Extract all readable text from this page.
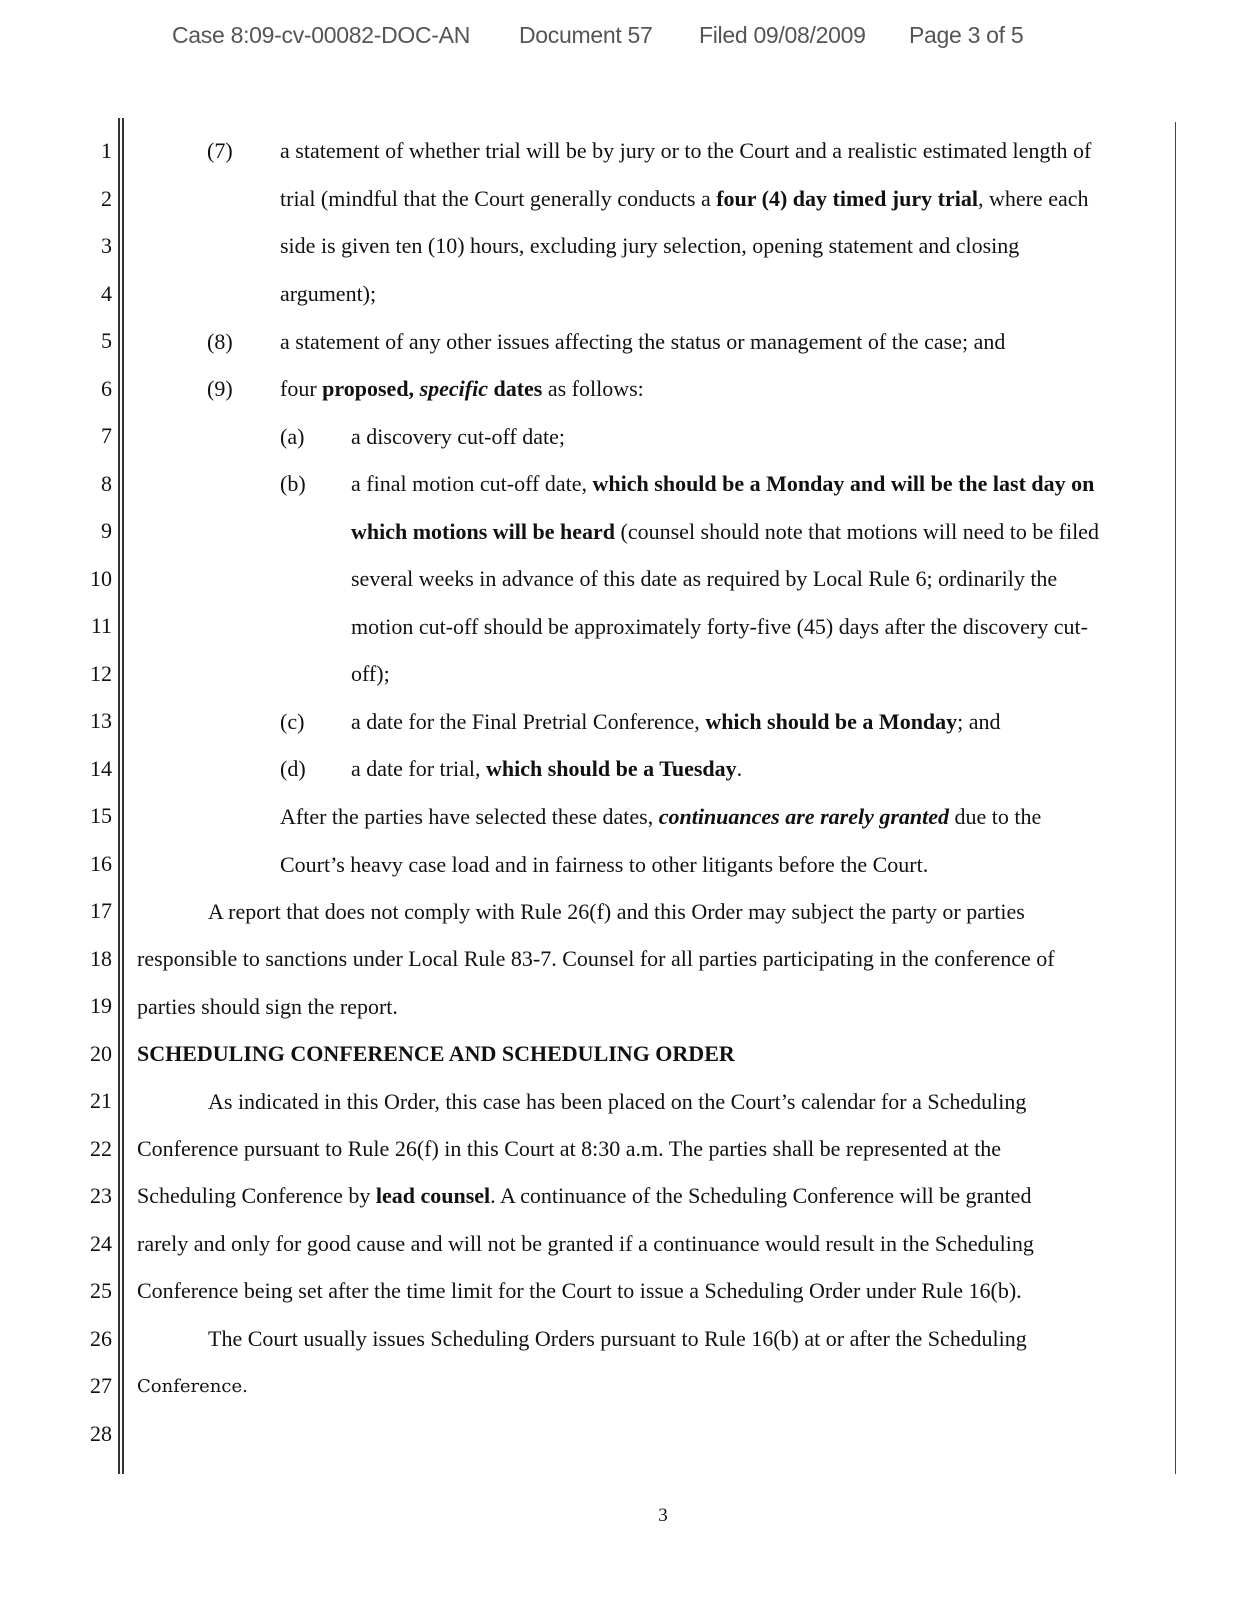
Case 8:09-cv-00082-DOC-AN Document 57 Filed 09/08/2009 Page 3 of 5
1
2
3
4
5
6
7
8
9
10
11
12
13
14
15
16
17
18
19
20
21
22
23
24
25
26
27
28
(7) a statement of whether trial will be by jury or to the Court and a realistic estimated length of
trial (mindful that the Court generally conducts a four (4) day timed jury trial, where each
side is given ten (10) hours, excluding jury selection, opening statement and closing
argument);
(8) a statement of any other issues affecting the status or management of the case; and
(9) four proposed, specific dates as follows:
(a) a discovery cut-off date;
(b) a final motion cut-off date, which should be a Monday and will be the last day on
which motions will be heard (counsel should note that motions will need to be filed
several weeks in advance of this date as required by Local Rule 6; ordinarily the
motion cut-off should be approximately forty-five (45) days after the discovery cut-
off);
(c) a date for the Final Pretrial Conference, which should be a Monday; and
(d) a date for trial, which should be a Tuesday.
After the parties have selected these dates, continuances are rarely granted due to the
Court’s heavy case load and in fairness to other litigants before the Court.
A report that does not comply with Rule 26(f) and this Order may subject the party or parties
responsible to sanctions under Local Rule 83-7. Counsel for all parties participating in the conference of
parties should sign the report.
SCHEDULING CONFERENCE AND SCHEDULING ORDER
As indicated in this Order, this case has been placed on the Court’s calendar for a Scheduling
Conference pursuant to Rule 26(f) in this Court at 8:30 a.m. The parties shall be represented at the
Scheduling Conference by lead counsel. A continuance of the Scheduling Conference will be granted
rarely and only for good cause and will not be granted if a continuance would result in the Scheduling
Conference being set after the time limit for the Court to issue a Scheduling Order under Rule 16(b).
The Court usually issues Scheduling Orders pursuant to Rule 16(b) at or after the Scheduling
Conference.
3
